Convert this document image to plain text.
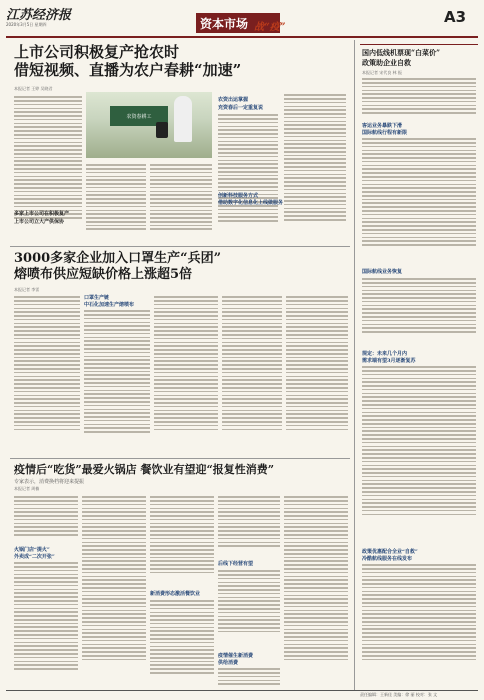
江苏经济报
2020年3月5日 星期四	资本市场 战“疫”
A3
上市公司积极复产抢农时
借短视频、直播为农户春耕“加速”
本报记者 王婷 吴晓君
农资春耕工
多家上市公司在积极复产
上市公司立大产供保协
农资出运掌握
充资春后一定重复说
创新科技服务方式
借助数字化信息化上线做服务
3000多家企业加入口罩生产“兵团”
熔喷布供应短缺价格上涨超5倍
本报记者 李雷
口罩生产链
中石化加速生产熔喷布
疫情后“吃货”最爱火锅店 餐饮业有望迎“报复性消费”
专家表示，消费换档将迎来提振
本报记者 周楠
火锅门店“提火”
外卖成“二次开张”
新消费形态激活餐饮业
后线下经营有望
疫情催生新消费
供给消费
国内低线机票现“白菜价”
政策助企业自救
本报记者 宋代良 林 振
客运业务暴跌下滑
国际航线行程有新限
国际航线业务恢复
规定：未来几个月内
需求端有望3月逐渐复苏
政策优惠配合全业“自救”
冷酷航线服务在线发布
责任编辑：王新佳 美编：徐 丽 校对：张 文
